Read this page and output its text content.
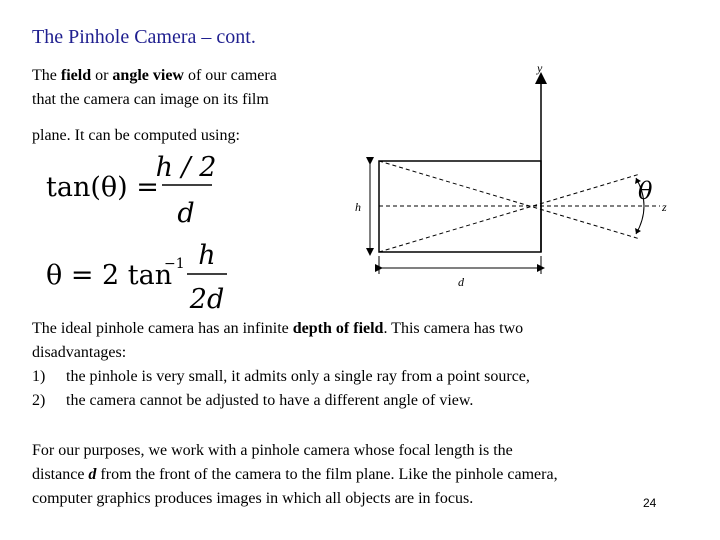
The Pinhole Camera – cont.
The field or angle view of our camera
that the camera can image on its film
plane. It can be computed using:
tan(θ) =
h / 2
d
θ = 2 tan
−1 h
2d
y
z
θ
h
d
The ideal pinhole camera has an infinite depth of field. This camera has two
disadvantages:
1) the pinhole is very small, it admits only a single ray from a point source,
2) the camera cannot be adjusted to have a different angle of view.
For our purposes, we work with a pinhole camera whose focal length is the
distance d from the front of the camera to the film plane. Like the pinhole camera,
computer graphics produces images in which all objects are in focus.	24
